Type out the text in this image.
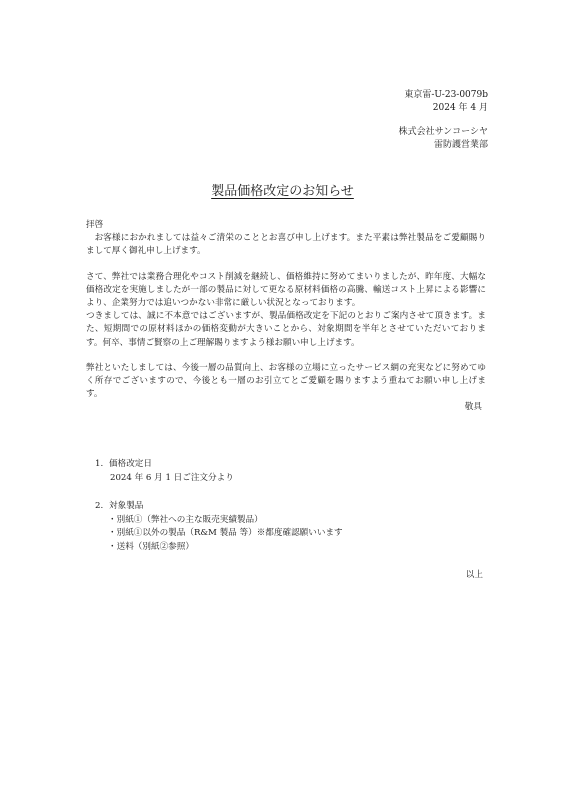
東京雷-U-23-0079b
2024 年 4 月
株式会社サンコーシヤ
雷防護営業部
製品価格改定のお知らせ

拝啓

お客様におかれましては益々ご清栄のこととお喜び申し上げます。また平素は弊社製品をご愛顧賜りまして厚く御礼申し上げます。

さて、弊社では業務合理化やコスト削減を継続し、価格維持に努めてまいりましたが、昨年度、大幅な価格改定を実施しましたが一部の製品に対して更なる原材料価格の高騰、輸送コスト上昇による影響により、企業努力では追いつかない非常に厳しい状況となっております。

つきましては、誠に不本意ではございますが、製品価格改定を下記のとおりご案内させて頂きます。また、短期間での原材料ほかの価格変動が大きいことから、対象期間を半年とさせていただいております。何卒、事情ご賢察の上ご理解賜りますよう様お願い申し上げます。

弊社といたしましては、今後一層の品質向上、お客様の立場に立ったサービス網の充実などに努めてゆく所存でございますので、今後とも一層のお引立てとご愛顧を賜りますよう重ねてお願い申し上げます。

敬具

1. 価格改定日
2024 年 6 月 1 日ご注文分より
2. 対象製品
・別紙①（弊社への主な販売実績製品）
・別紙①以外の製品（R&M 製品 等）※都度確認願いいます
・送料（別紙②参照）
以上
